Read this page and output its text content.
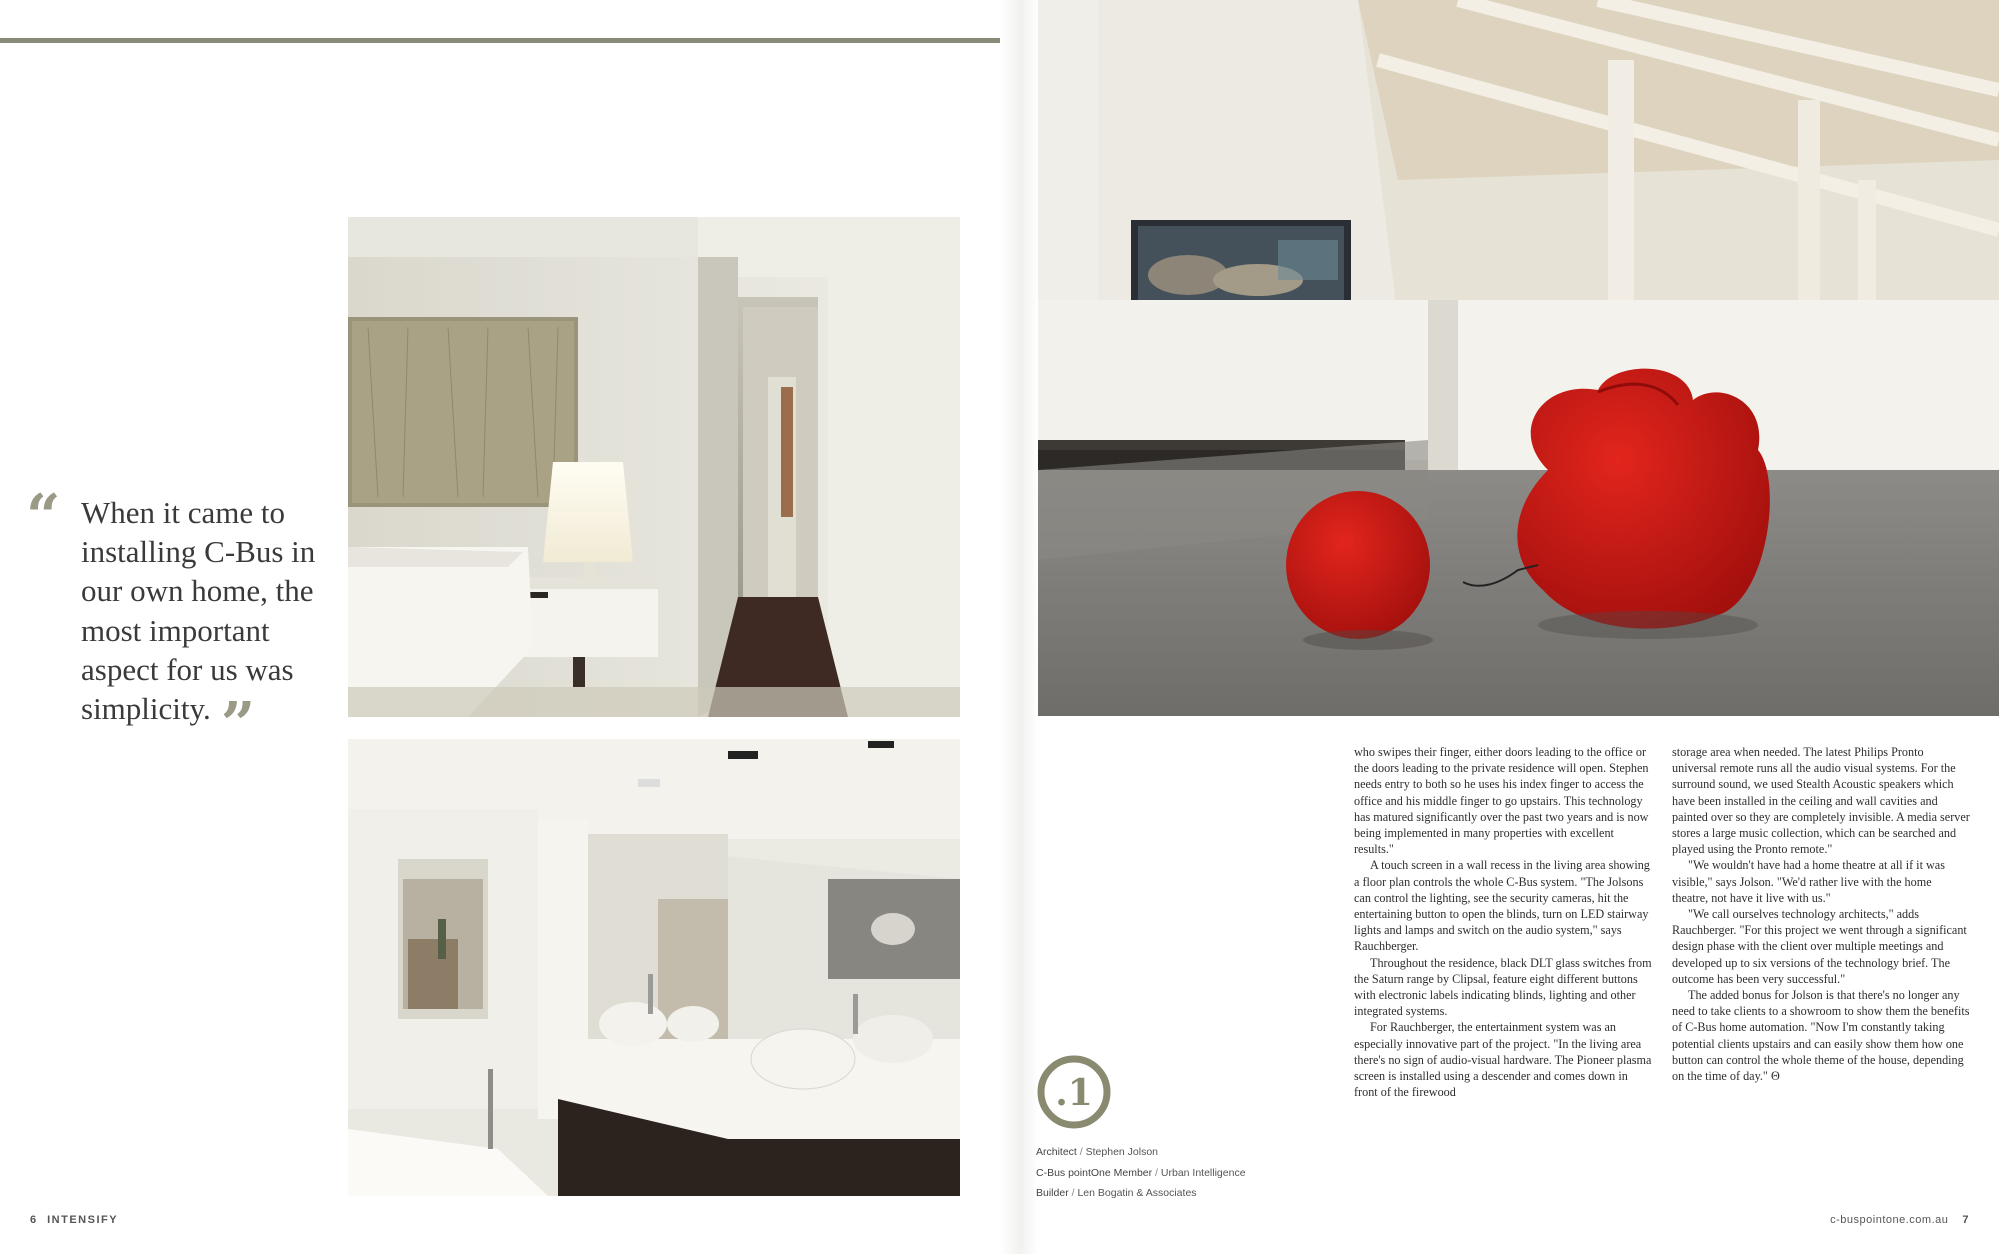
“ When it came to installing C-Bus in our own home, the most important aspect for us was simplicity. ”

6 INTENSIFY	c-buspointone.com.au 7
.1
Architect / Stephen Jolson
C-Bus pointOne Member / Urban Intelligence
Builder / Len Bogatin & Associates

who swipes their finger, either doors leading to the office or the doors leading to the private residence will open. Stephen needs entry to both so he uses his index finger to access the office and his middle finger to go upstairs. This technology has matured significantly over the past two years and is now being implemented in many properties with excellent results."

A touch screen in a wall recess in the living area showing a floor plan controls the whole C-Bus system. "The Jolsons can control the lighting, see the security cameras, hit the entertaining button to open the blinds, turn on LED stairway lights and lamps and switch on the audio system," says Rauchberger.

Throughout the residence, black DLT glass switches from the Saturn range by Clipsal, feature eight different buttons with electronic labels indicating blinds, lighting and other integrated systems.

For Rauchberger, the entertainment system was an especially innovative part of the project. "In the living area there's no sign of audio-visual hardware. The Pioneer plasma screen is installed using a descender and comes down in front of the firewood

storage area when needed. The latest Philips Pronto universal remote runs all the audio visual systems. For the surround sound, we used Stealth Acoustic speakers which have been installed in the ceiling and wall cavities and painted over so they are completely invisible. A media server stores a large music collection, which can be searched and played using the Pronto remote."

"We wouldn't have had a home theatre at all if it was visible," says Jolson. "We'd rather live with the home theatre, not have it live with us."

"We call ourselves technology architects," adds Rauchberger. "For this project we went through a significant design phase with the client over multiple meetings and developed up to six versions of the technology brief. The outcome has been very successful."

The added bonus for Jolson is that there's no longer any need to take clients to a showroom to show them the benefits of C-Bus home automation. "Now I'm constantly taking potential clients upstairs and can easily show them how one button can control the whole theme of the house, depending on the time of day." Θ
